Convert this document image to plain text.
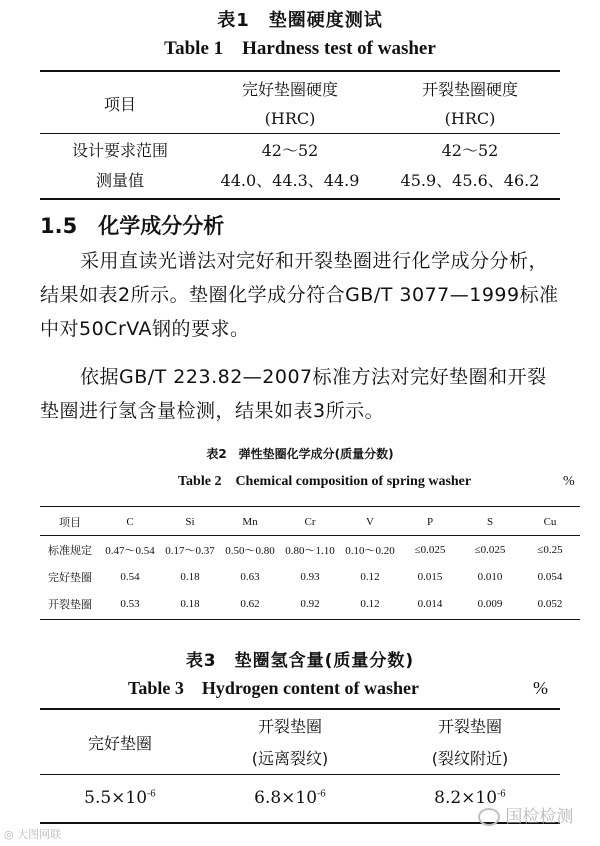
表1　垫圈硬度测试
Table 1    Hardness test of washer
项目	完好垫圈硬度	开裂垫圈硬度
	(HRC)	(HRC)
设计要求范围	42～52	42～52
测量值	44.0、44.3、44.9	45.9、45.6、46.2
1.5　化学成分分析
采用直读光谱法对完好和开裂垫圈进行化学成分分析，结果如表2所示。垫圈化学成分符合GB/T 3077—1999标准中对50CrVA钢的要求。
依据GB/T 223.82—2007标准方法对完好垫圈和开裂垫圈进行氢含量检测，结果如表3所示。
表2　弹性垫圈化学成分(质量分数)
Table 2    Chemical composition of spring washer	%
项目	C	Si	Mn	Cr	V	P	S	Cu
标准规定	0.47～0.54	0.17～0.37	0.50～0.80	0.80～1.10	0.10～0.20	≤0.025	≤0.025	≤0.25
完好垫圈	0.54	0.18	0.63	0.93	0.12	0.015	0.010	0.054
开裂垫圈	0.53	0.18	0.62	0.92	0.12	0.014	0.009	0.052
表3　垫圈氢含量(质量分数)
Table 3    Hydrogen content of washer	%
完好垫圈	开裂垫圈	开裂垫圈
	(远离裂纹)	(裂纹附近)
$5.5\times 10^{-6}$	$6.8\times 10^{-6}$	$8.2\times 10^{-6}$
◎ 大图网联
国检检测
